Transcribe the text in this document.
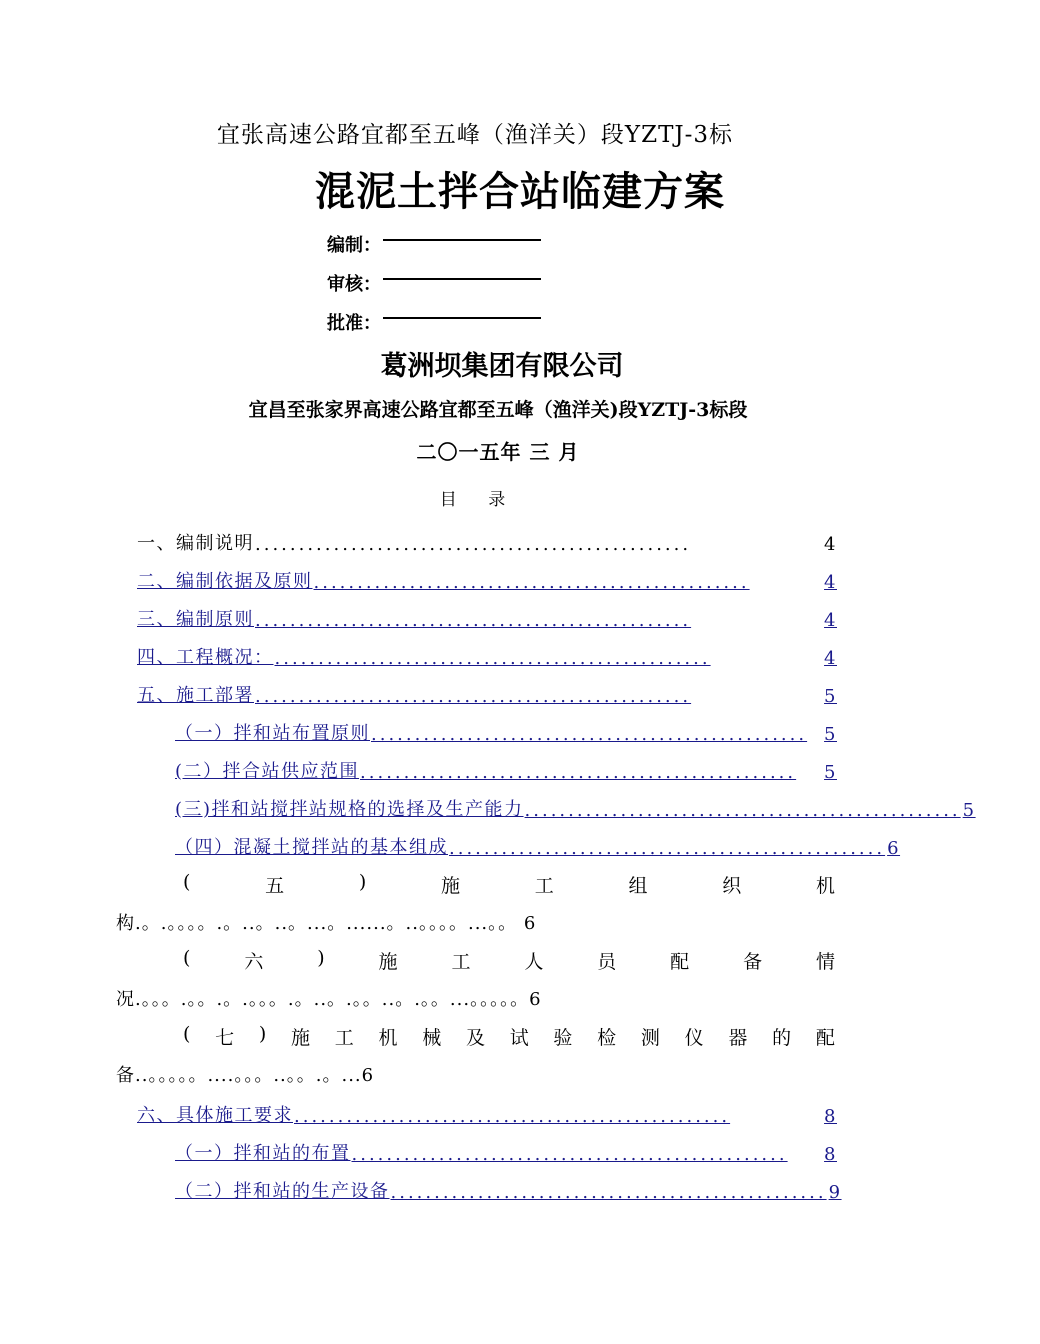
宜张高速公路宜都至五峰（渔洋关）段YZTJ-3标
混泥土拌合站临建方案
编制：
审核：
批准：
葛洲坝集团有限公司
宜昌至张家界高速公路宜都至五峰（渔洋关)段YZTJ-3标段
二〇一五年 三 月
目 录
一、编制说明 ..................................................	4
二、编制依据及原则 ..................................................	4
三、编制原则 ..................................................	4
四、工程概况： ..................................................	4
五、施工部署 ..................................................	5
（一）拌和站布置原则 .................................................. 5
(二）拌合站供应范围 ..................................................	5
(三)拌和站搅拌站规格的选择及生产能力 .................................................. 5
（四）混凝土搅拌站的基本组成 .................................................. 6
(	五	)	施	工	组	织	机
构.。.。。。。.。..。..。...。......。..。。。。...。。 6
(	六	)	施	工	人	员	配	备	情
况.。。。.。。.。.。。。.。..。.。。..。.。。...。。。。。6
( 七 ) 施 工 机 械 及 试 验 检 测 仪 器 的 配
备..。。。。。....。。。..。。.。...6
六、具体施工要求 ..................................................	8
（一）拌和站的布置 ..................................................	8
（二）拌和站的生产设备 .................................................. 9
